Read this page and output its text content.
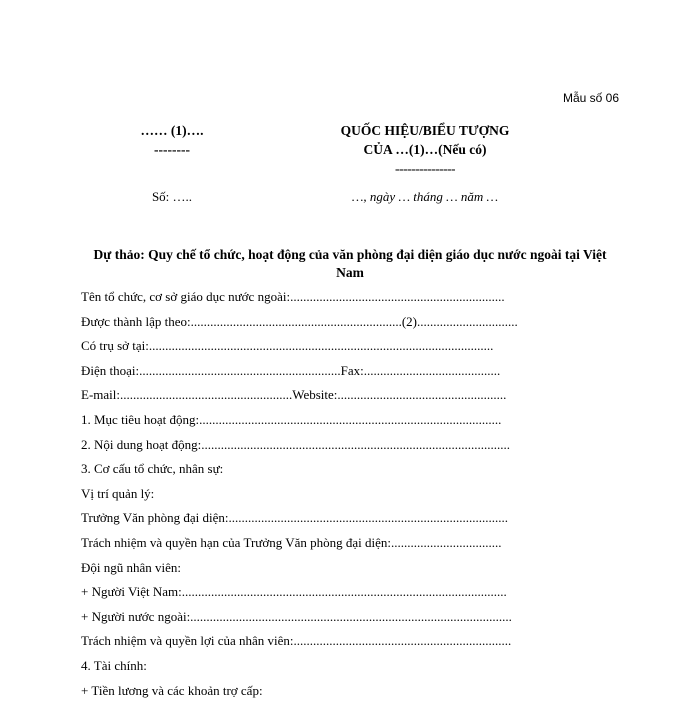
Mẫu số 06
…… (1)….
--------
QUỐC HIỆU/BIỂU TƯỢNG
CỦA …(1)…(Nếu có)
---------------
Số: …..	…, ngày … tháng … năm …
Dự thảo: Quy chế tổ chức, hoạt động của văn phòng đại diện giáo dục nước ngoài tại Việt
Nam
Tên tổ chức, cơ sở giáo dục nước ngoài:..................................................................
Được thành lập theo:.................................................................(2)...............................
Có trụ sở tại:..........................................................................................................
Điện thoại:..............................................................Fax:..........................................
E-mail:.....................................................Website:....................................................
1. Mục tiêu hoạt động:.............................................................................................
2. Nội dung hoạt động:...............................................................................................
3. Cơ cấu tổ chức, nhân sự:
Vị trí quản lý:
Trưởng Văn phòng đại diện:......................................................................................
Trách nhiệm và quyền hạn của Trưởng Văn phòng đại diện:..................................
Đội ngũ nhân viên:
+ Người Việt Nam:....................................................................................................
+ Người nước ngoài:...................................................................................................
Trách nhiệm và quyền lợi của nhân viên:...................................................................
4. Tài chính:
+ Tiền lương và các khoản trợ cấp:
